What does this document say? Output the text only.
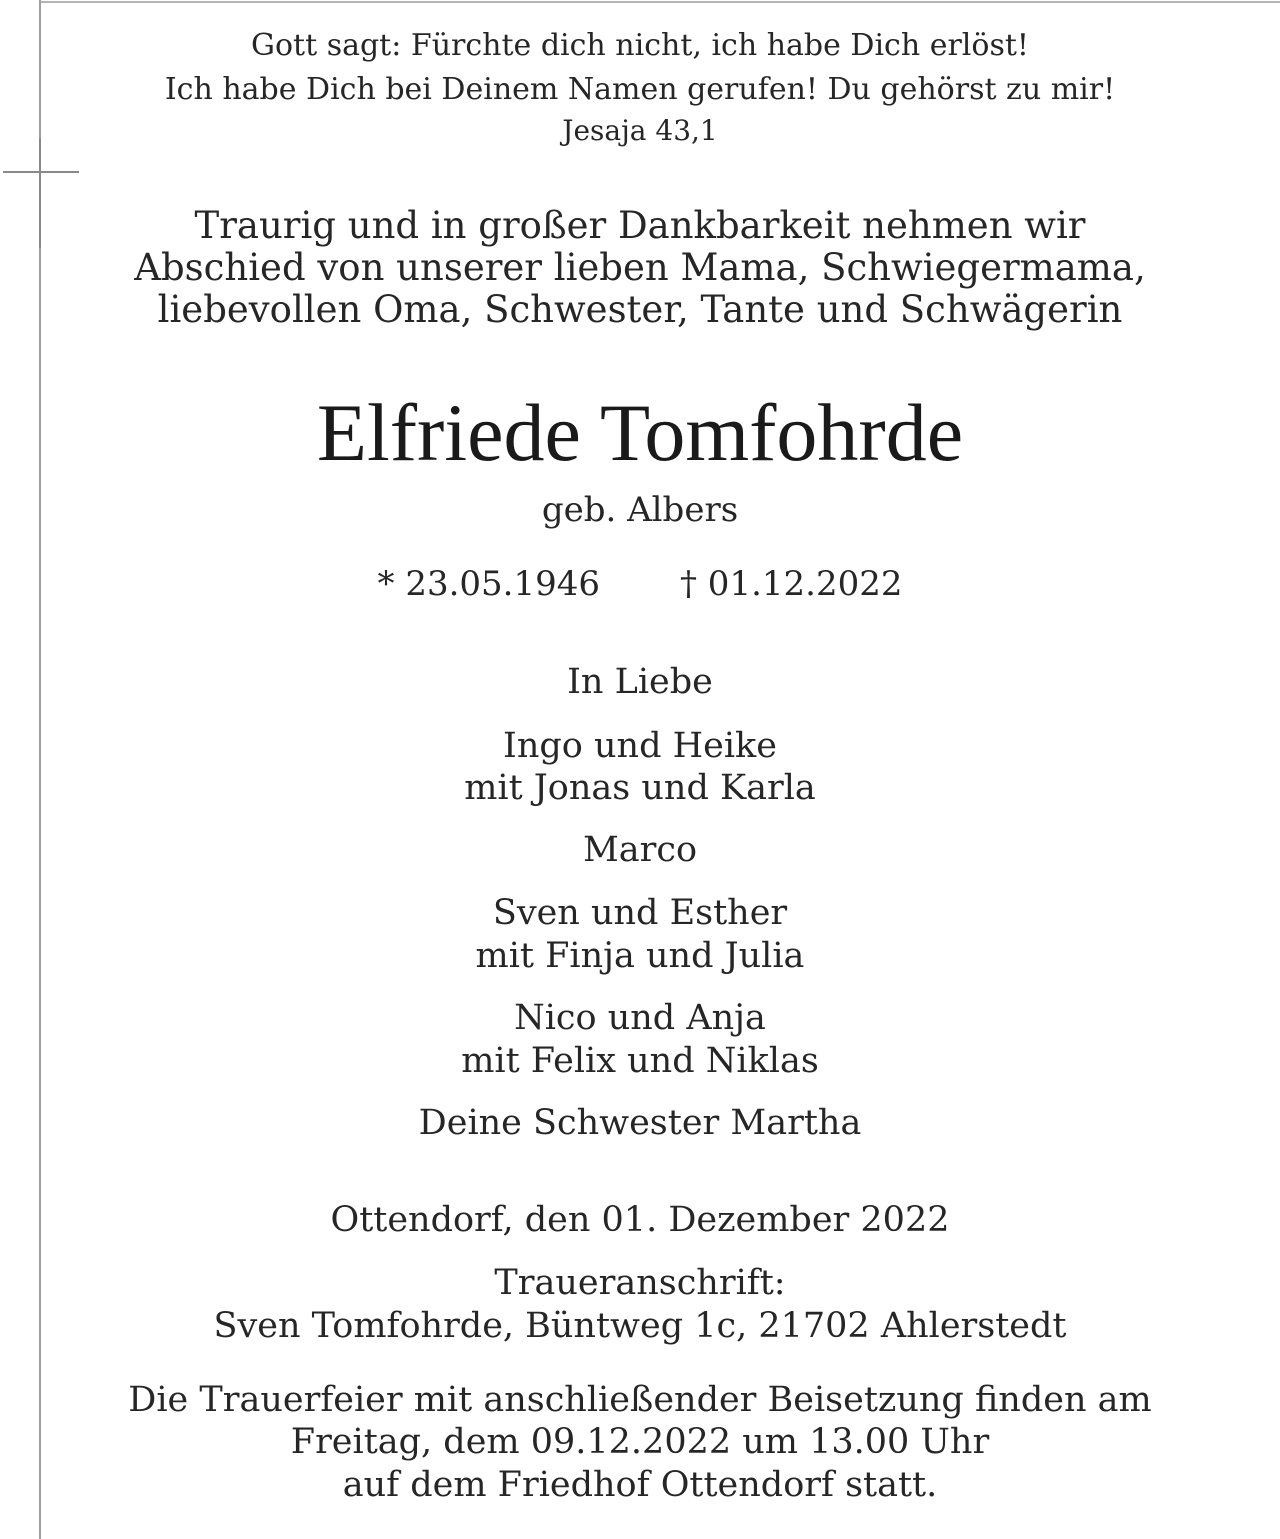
Gott sagt: Fürchte dich nicht, ich habe Dich erlöst!
Ich habe Dich bei Deinem Namen gerufen! Du gehörst zu mir!
Jesaja 43,1
Traurig und in großer Dankbarkeit nehmen wir
Abschied von unserer lieben Mama, Schwiegermama,
liebevollen Oma, Schwester, Tante und Schwägerin
Elfriede Tomfohrde
geb. Albers
* 23.05.1946 † 01.12.2022
In Liebe
Ingo und Heike
mit Jonas und Karla
Marco
Sven und Esther
mit Finja und Julia
Nico und Anja
mit Felix und Niklas
Deine Schwester Martha
Ottendorf, den 01. Dezember 2022
Traueranschrift:
Sven Tomfohrde, Büntweg 1c, 21702 Ahlerstedt
Die Trauerfeier mit anschließender Beisetzung finden am
Freitag, dem 09.12.2022 um 13.00 Uhr
auf dem Friedhof Ottendorf statt.
